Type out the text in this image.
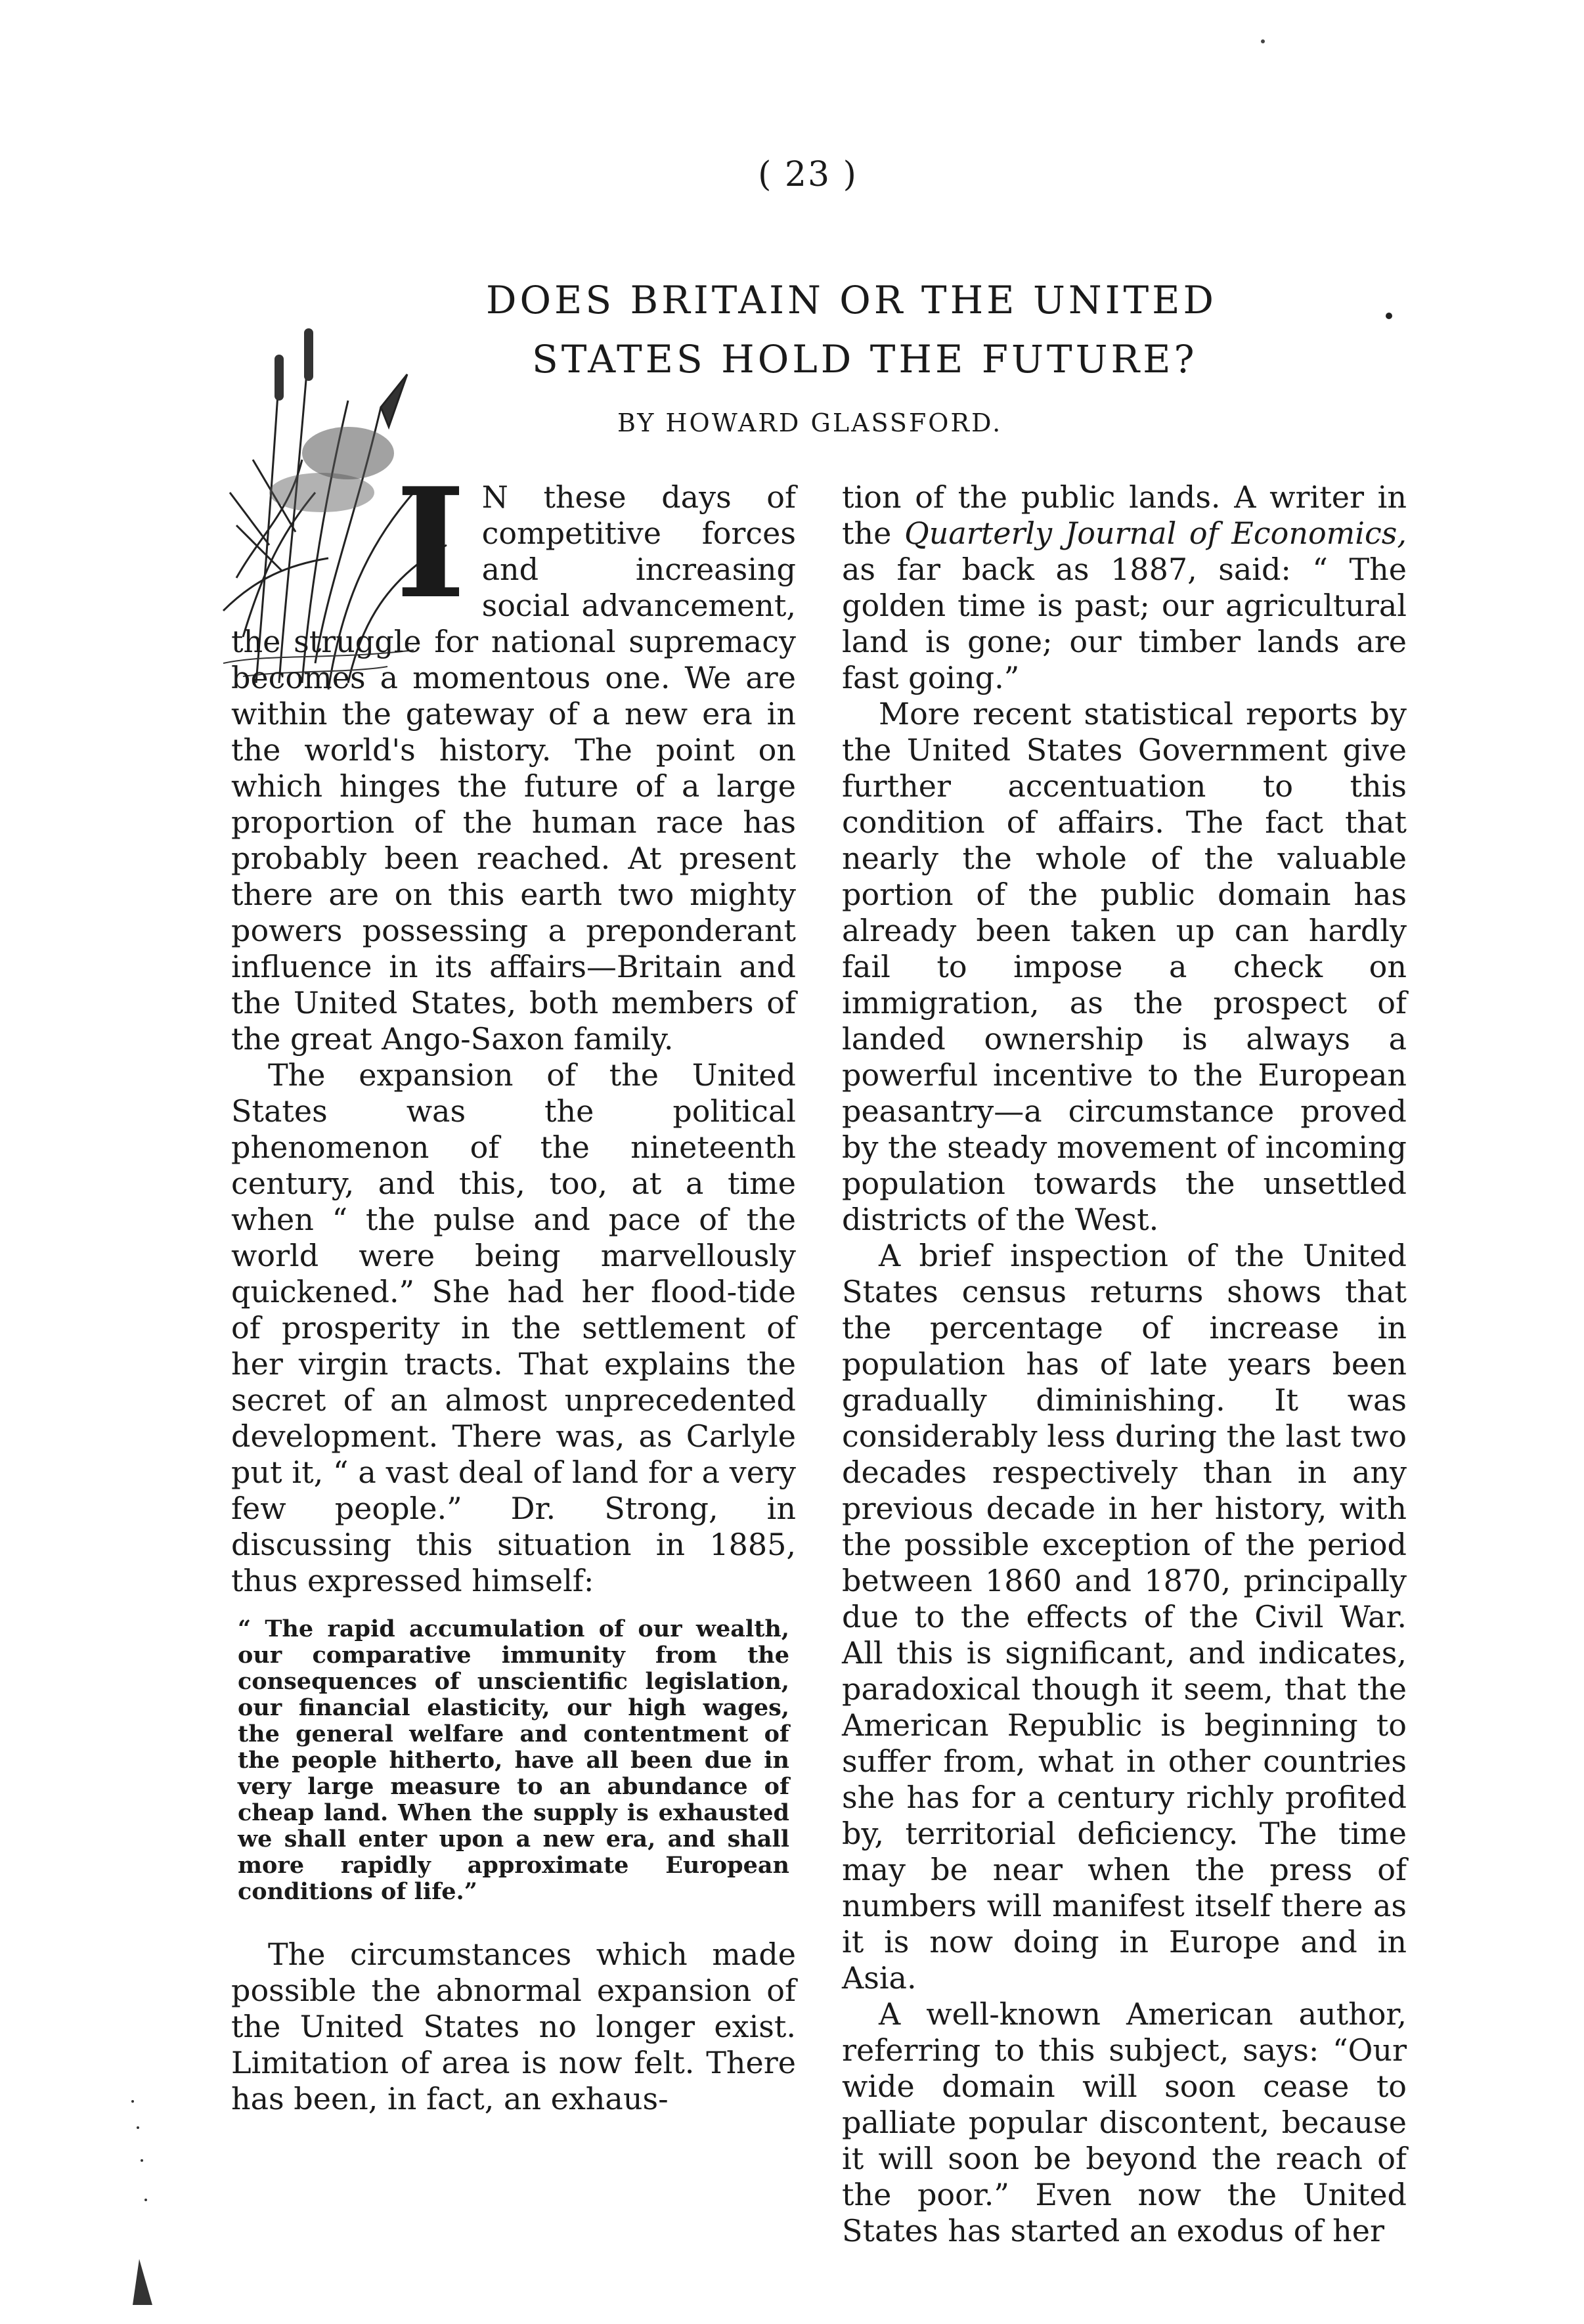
( 23 )
DOES BRITAIN OR THE UNITED
STATES HOLD THE FUTURE?
BY HOWARD GLASSFORD.
I N these days of competitive forces and increasing social advancement, the struggle for national supremacy becomes a momentous one. We are within the gateway of a new era in the world's history. The point on which hinges the future of a large proportion of the human race has probably been reached. At present there are on this earth two mighty powers possessing a preponderant influence in its affairs—Britain and the United States, both members of the great Ango-Saxon family.

The expansion of the United States was the political phenomenon of the nineteenth century, and this, too, at a time when “ the pulse and pace of the world were being marvellously quickened.” She had her flood-tide of prosperity in the settlement of her virgin tracts. That explains the secret of an almost unprecedented development. There was, as Carlyle put it, “ a vast deal of land for a very few people.” Dr. Strong, in discussing this situation in 1885, thus expressed himself:

“ The rapid accumulation of our wealth, our comparative immunity from the consequences of unscientific legislation, our financial elasticity, our high wages, the general welfare and contentment of the people hitherto, have all been due in very large measure to an abundance of cheap land. When the supply is exhausted we shall enter upon a new era, and shall more rapidly approximate European conditions of life.”

The circumstances which made possible the abnormal expansion of the United States no longer exist. Limitation of area is now felt. There has been, in fact, an exhaus-

tion of the public lands. A writer in the Quarterly Journal of Economics, as far back as 1887, said: “ The golden time is past; our agricultural land is gone; our timber lands are fast going.”

More recent statistical reports by the United States Government give further accentuation to this condition of affairs. The fact that nearly the whole of the valuable portion of the public domain has already been taken up can hardly fail to impose a check on immigration, as the prospect of landed ownership is always a powerful incentive to the European peasantry—a circumstance proved by the steady movement of incoming population towards the unsettled districts of the West.

A brief inspection of the United States census returns shows that the percentage of increase in population has of late years been gradually diminishing. It was considerably less during the last two decades respectively than in any previous decade in her history, with the possible exception of the period between 1860 and 1870, principally due to the effects of the Civil War. All this is significant, and indicates, paradoxical though it seem, that the American Republic is beginning to suffer from, what in other countries she has for a century richly profited by, territorial deficiency. The time may be near when the press of numbers will manifest itself there as it is now doing in Europe and in Asia.

A well-known American author, referring to this subject, says: “Our wide domain will soon cease to palliate popular discontent, because it will soon be beyond the reach of the poor.” Even now the United States has started an exodus of her
